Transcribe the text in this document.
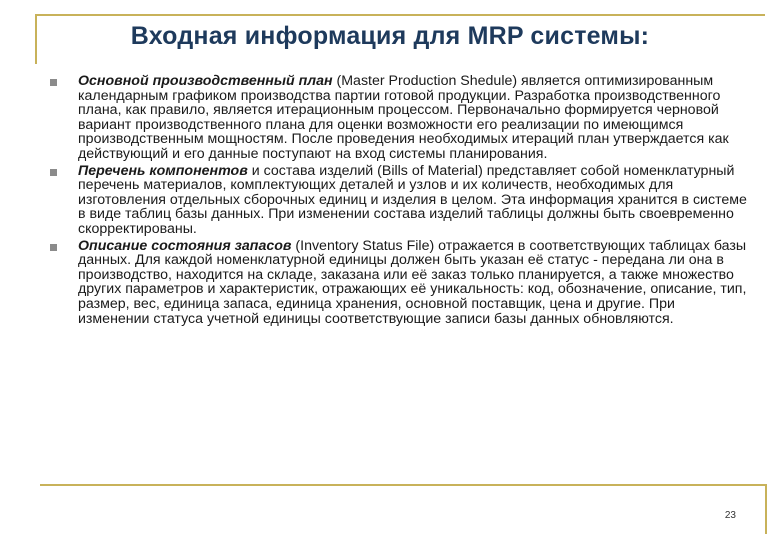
Входная информация для MRP системы:
Основной производственный план (Master Production Shedule) является оптимизированным календарным графиком производства партии готовой продукции. Разработка производственного плана, как правило, является итерационным процессом. Первоначально формируется черновой вариант производственного плана для оценки возможности его реализации по имеющимся производственным мощностям. После проведения необходимых итераций план утверждается как действующий и его данные поступают на вход системы планирования.
Перечень компонентов и состава изделий (Bills of Material) представляет собой номенклатурный перечень материалов, комплектующих деталей и узлов и их количеств, необходимых для изготовления отдельных сборочных единиц и изделия в целом. Эта информация хранится в системе в виде таблиц базы данных. При изменении состава изделий таблицы должны быть своевременно скорректированы.
Описание состояния запасов (Inventory Status File) отражается в соответствующих таблицах базы данных. Для каждой номенклатурной единицы должен быть указан её статус - передана ли она в производство, находится на складе, заказана или её заказ только планируется, а также множество других параметров и характеристик, отражающих её уникальность: код, обозначение, описание, тип, размер, вес, единица запаса, единица хранения, основной поставщик, цена и другие. При изменении статуса учетной единицы соответствующие записи базы данных обновляются.
23
